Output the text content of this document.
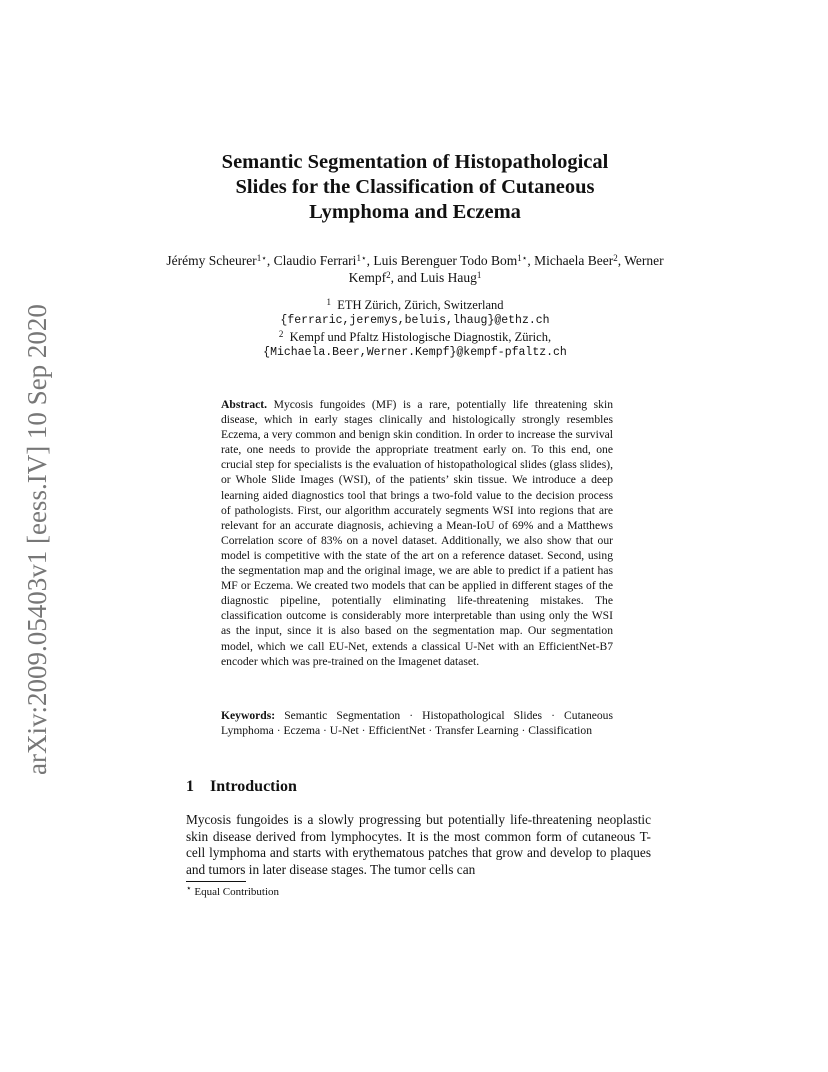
arXiv:2009.05403v1 [eess.IV] 10 Sep 2020
Semantic Segmentation of Histopathological
Slides for the Classification of Cutaneous
Lymphoma and Eczema
Jérémy Scheurer$^{1⋆}$, Claudio Ferrari$^{1⋆}$, Luis Berenguer Todo Bom$^{1⋆}$, Michaela Beer$^2$, Werner Kempf$^2$, and Luis Haug$^1$
$^1$ ETH Zürich, Zürich, Switzerland
{ferraric,jeremys,beluis,lhaug}@ethz.ch
$^2$ Kempf und Pfaltz Histologische Diagnostik, Zürich,
{Michaela.Beer,Werner.Kempf}@kempf-pfaltz.ch

Abstract. Mycosis fungoides (MF) is a rare, potentially life threatening skin disease, which in early stages clinically and histologically strongly resembles Eczema, a very common and benign skin condition. In order to increase the survival rate, one needs to provide the appropriate treatment early on. To this end, one crucial step for specialists is the evaluation of histopathological slides (glass slides), or Whole Slide Images (WSI), of the patients’ skin tissue. We introduce a deep learning aided diagnostics tool that brings a two-fold value to the decision process of pathologists. First, our algorithm accurately segments WSI into regions that are relevant for an accurate diagnosis, achieving a Mean-IoU of 69% and a Matthews Correlation score of 83% on a novel dataset. Additionally, we also show that our model is competitive with the state of the art on a reference dataset. Second, using the segmentation map and the original image, we are able to predict if a patient has MF or Eczema. We created two models that can be applied in different stages of the diagnostic pipeline, potentially eliminating life-threatening mistakes. The classification outcome is considerably more interpretable than using only the WSI as the input, since it is also based on the segmentation map. Our segmentation model, which we call EU-Net, extends a classical U-Net with an EfficientNet-B7 encoder which was pre-trained on the Imagenet dataset.

Keywords: Semantic Segmentation · Histopathological Slides · Cutaneous Lymphoma · Eczema · U-Net · EfficientNet · Transfer Learning · Classification

1 Introduction

Mycosis fungoides is a slowly progressing but potentially life-threatening neoplastic skin disease derived from lymphocytes. It is the most common form of cutaneous T-cell lymphoma and starts with erythematous patches that grow and develop to plaques and tumors in later disease stages. The tumor cells can

⋆ Equal Contribution
